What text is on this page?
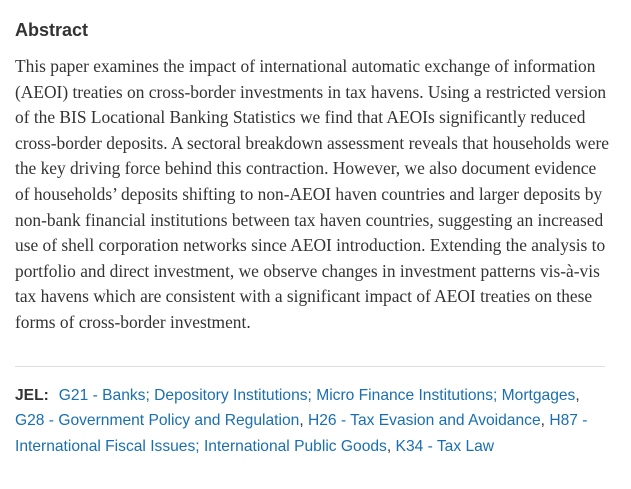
Abstract

This paper examines the impact of international automatic exchange of information (AEOI) treaties on cross-border investments in tax havens. Using a restricted version of the BIS Locational Banking Statistics we find that AEOIs significantly reduced cross-border deposits. A sectoral breakdown assessment reveals that households were the key driving force behind this contraction. However, we also document evidence of households’ deposits shifting to non-AEOI haven countries and larger deposits by non-bank financial institutions between tax haven countries, suggesting an increased use of shell corporation networks since AEOI introduction. Extending the analysis to portfolio and direct investment, we observe changes in investment patterns vis-à-vis tax havens which are consistent with a significant impact of AEOI treaties on these forms of cross-border investment.

JEL: G21 - Banks; Depository Institutions; Micro Finance Institutions; Mortgages, G28 - Government Policy and Regulation, H26 - Tax Evasion and Avoidance, H87 - International Fiscal Issues; International Public Goods, K34 - Tax Law
